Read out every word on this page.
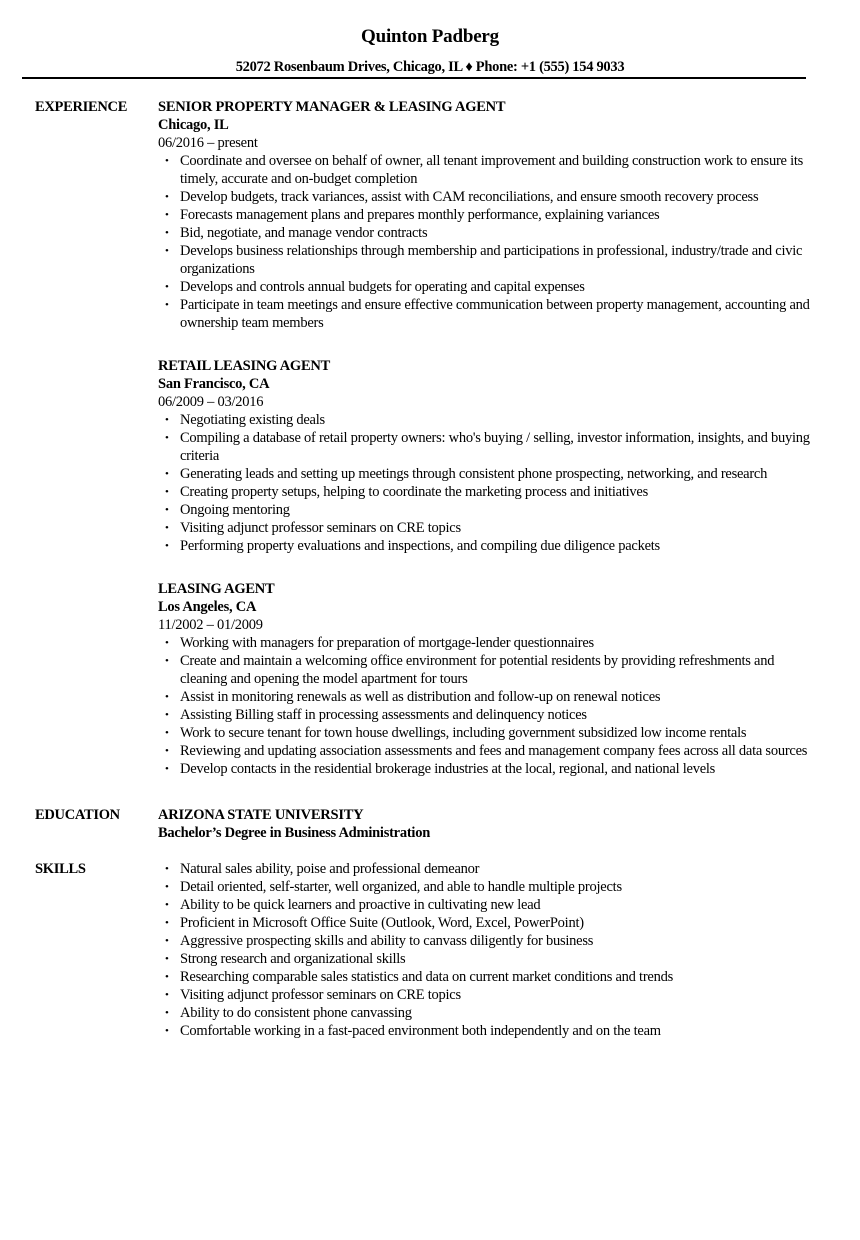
Quinton Padberg
52072 Rosenbaum Drives, Chicago, IL ♦ Phone: +1 (555) 154 9033
EXPERIENCE	SENIOR PROPERTY MANAGER & LEASING AGENT
Chicago, IL
06/2016 – present
• Coordinate and oversee on behalf of owner, all tenant improvement and building construction work to ensure its timely, accurate and on-budget completion
• Develop budgets, track variances, assist with CAM reconciliations, and ensure smooth recovery process
• Forecasts management plans and prepares monthly performance, explaining variances
• Bid, negotiate, and manage vendor contracts
• Develops business relationships through membership and participations in professional, industry/trade and civic organizations
• Develops and controls annual budgets for operating and capital expenses
• Participate in team meetings and ensure effective communication between property management, accounting and ownership team members
RETAIL LEASING AGENT
San Francisco, CA
06/2009 – 03/2016
• Negotiating existing deals
• Compiling a database of retail property owners: who's buying / selling, investor information, insights, and buying criteria
• Generating leads and setting up meetings through consistent phone prospecting, networking, and research
• Creating property setups, helping to coordinate the marketing process and initiatives
• Ongoing mentoring
• Visiting adjunct professor seminars on CRE topics
• Performing property evaluations and inspections, and compiling due diligence packets
LEASING AGENT
Los Angeles, CA
11/2002 – 01/2009
• Working with managers for preparation of mortgage-lender questionnaires
• Create and maintain a welcoming office environment for potential residents by providing refreshments and cleaning and opening the model apartment for tours
• Assist in monitoring renewals as well as distribution and follow-up on renewal notices
• Assisting Billing staff in processing assessments and delinquency notices
• Work to secure tenant for town house dwellings, including government subsidized low income rentals
• Reviewing and updating association assessments and fees and management company fees across all data sources
• Develop contacts in the residential brokerage industries at the local, regional, and national levels
EDUCATION	ARIZONA STATE UNIVERSITY
Bachelor’s Degree in Business Administration
SKILLS	• Natural sales ability, poise and professional demeanor
• Detail oriented, self-starter, well organized, and able to handle multiple projects
• Ability to be quick learners and proactive in cultivating new lead
• Proficient in Microsoft Office Suite (Outlook, Word, Excel, PowerPoint)
• Aggressive prospecting skills and ability to canvass diligently for business
• Strong research and organizational skills
• Researching comparable sales statistics and data on current market conditions and trends
• Visiting adjunct professor seminars on CRE topics
• Ability to do consistent phone canvassing
• Comfortable working in a fast-paced environment both independently and on the team
